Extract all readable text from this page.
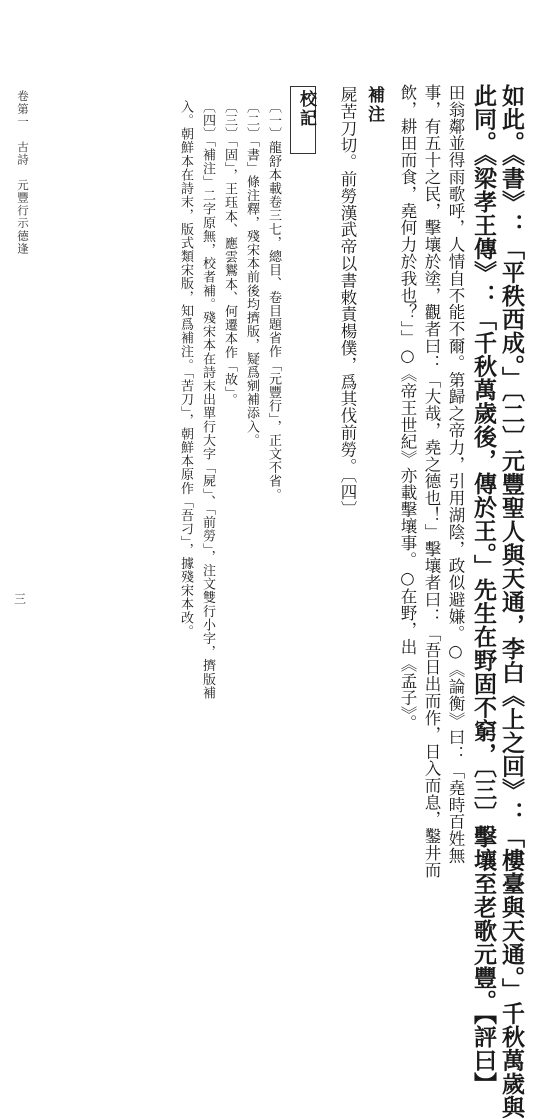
如此。《書》：「平秩西成。」〔二〕元豐聖人與天通，李白《上之回》：「樓臺與天通。」千秋萬歲與
此同。《梁孝王傳》：「千秋萬歲後，傳於王。」先生在野固不窮，〔三〕擊壤至老歌元豐。【評曰】
田翁鄰並得雨歌呼，人情自不能不爾。第歸之帝力，引用湖陰，政似避嫌。○《論衡》曰：「堯時百姓無
事，有五十之民，擊壤於塗，觀者曰：「大哉，堯之德也！」擊壤者曰：「吾日出而作，日入而息，鑿井而
飲，耕田而食，堯何力於我也？」」○《帝王世紀》亦載擊壤事。○在野，出《孟子》。
補注
屍苦刀切。前勞漢武帝以書敕責楊僕，爲其伐前勞。〔四〕
校記
〔一〕龍舒本載卷三七，總目、卷目題省作「元豐行」，正文不省。
〔二〕「書」條注釋，殘宋本前後均擠版，疑爲剜補添入。
〔三〕「固」，王珏本、應雲鸑本、何遷本作「故」。
〔四〕「補注」二字原無，校者補。殘宋本在詩末出單行大字「屍」、「前勞」，注文雙行小字，擠版補
入。朝鮮本在詩末，版式類宋版，知爲補注。「苦刀」，朝鮮本原作「吾刁」，據殘宋本改。
卷第一　古詩　元豐行示德逢
三
